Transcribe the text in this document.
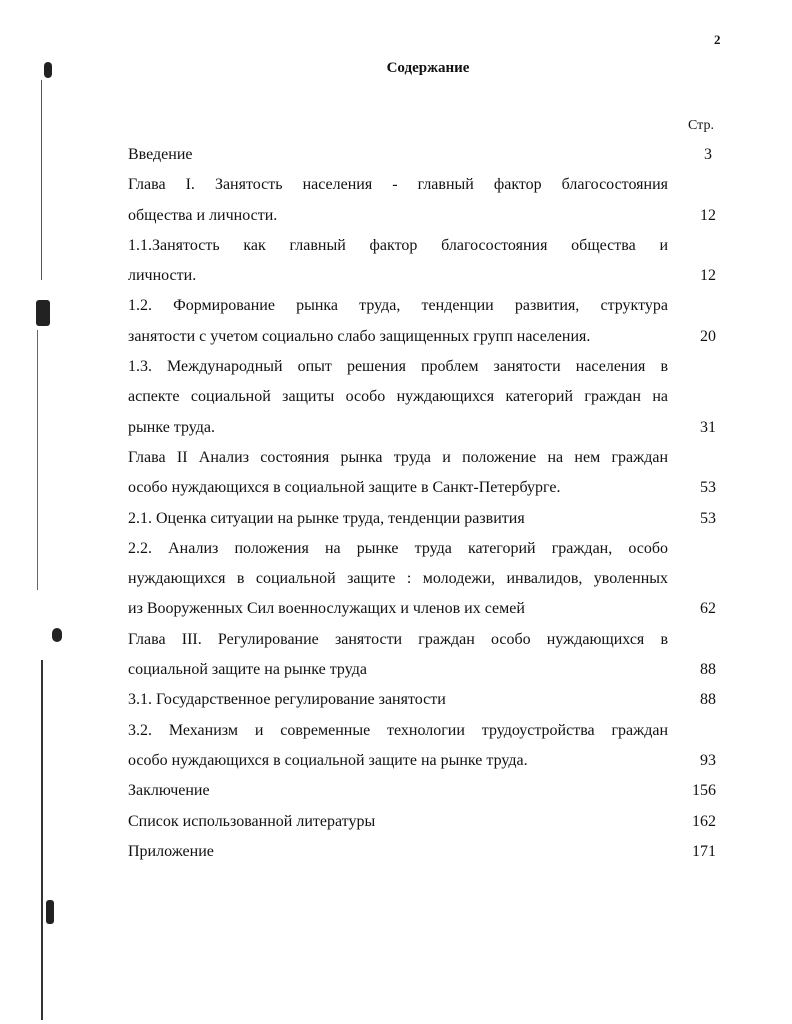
2
Содержание
Стр.
Введение	3
Глава I. Занятость населения - главный фактор благосостояния
общества и личности.	12
1.1.Занятость как главный фактор благосостояния общества и
личности.	12
1.2. Формирование рынка труда, тенденции развития, структура
занятости с учетом социально слабо защищенных групп населения.	20
1.3. Международный опыт решения проблем занятости населения в
аспекте социальной защиты особо нуждающихся категорий граждан на
рынке труда.	31
Глава II Анализ состояния рынка труда и положение на нем граждан
особо нуждающихся в социальной защите в Санкт-Петербурге.	53
2.1. Оценка ситуации на рынке труда, тенденции развития	53
2.2. Анализ положения на рынке труда категорий граждан, особо
нуждающихся в социальной защите : молодежи, инвалидов, уволенных
из Вооруженных Сил военнослужащих и членов их семей	62
Глава III. Регулирование занятости граждан особо нуждающихся в
социальной защите на рынке труда	88
3.1. Государственное регулирование занятости	88
3.2. Механизм и современные технологии трудоустройства граждан
особо нуждающихся в социальной защите на рынке труда.	93
Заключение	156
Список использованной литературы	162
Приложение	171
